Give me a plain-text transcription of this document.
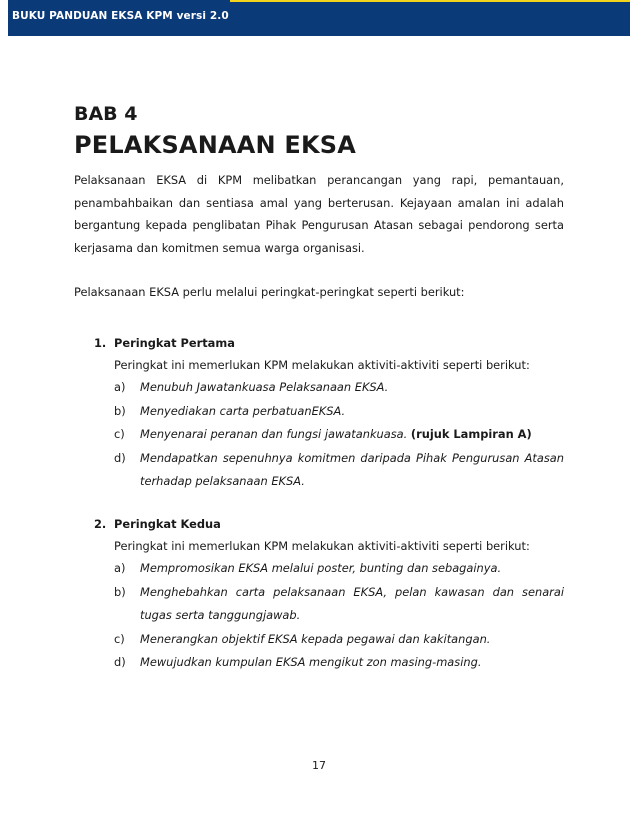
BUKU PANDUAN EKSA KPM versi 2.0
BAB 4
PELAKSANAAN EKSA
Pelaksanaan EKSA di KPM melibatkan perancangan yang rapi, pemantauan, penambahbaikan dan sentiasa amal yang berterusan. Kejayaan amalan ini adalah bergantung kepada penglibatan Pihak Pengurusan Atasan sebagai pendorong serta kerjasama dan komitmen semua warga organisasi.
Pelaksanaan EKSA perlu melalui peringkat-peringkat seperti berikut:
1. Peringkat Pertama
Peringkat ini memerlukan KPM melakukan aktiviti-aktiviti seperti berikut:
a)	Menubuh Jawatankuasa Pelaksanaan EKSA.
b)	Menyediakan carta perbatuanEKSA.
c)	Menyenarai peranan dan fungsi jawatankuasa. (rujuk Lampiran A)
d)	Mendapatkan sepenuhnya komitmen daripada Pihak Pengurusan Atasan terhadap pelaksanaan EKSA.
2. Peringkat Kedua
Peringkat ini memerlukan KPM melakukan aktiviti-aktiviti seperti berikut:
a)	Mempromosikan EKSA melalui poster, bunting dan sebagainya.
b)	Menghebahkan carta pelaksanaan EKSA, pelan kawasan dan senarai tugas serta tanggungjawab.
c)	Menerangkan objektif EKSA kepada pegawai dan kakitangan.
d)	Mewujudkan kumpulan EKSA mengikut zon masing-masing.
17
